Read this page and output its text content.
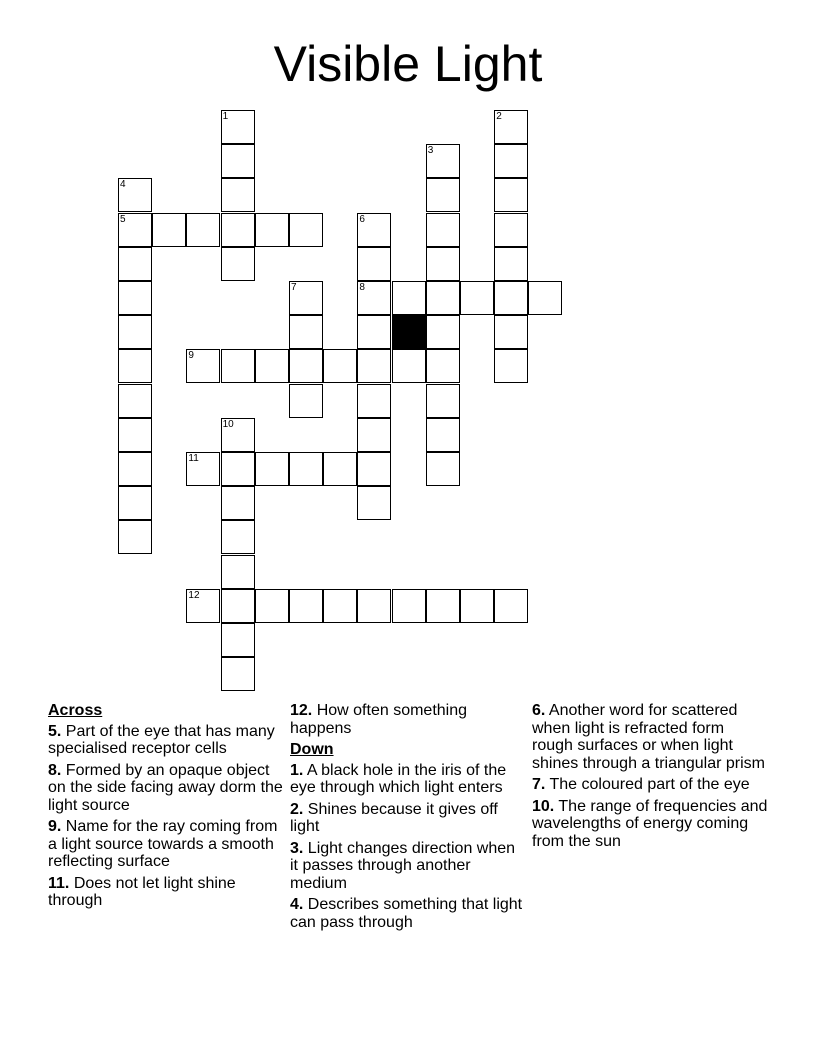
Visible Light
1	2
3
4
5	6
7	8
9
10
11
12
Across
5. Part of the eye that has many specialised receptor cells
8. Formed by an opaque object on the side facing away dorm the light source
9. Name for the ray coming from a light source towards a smooth reflecting surface
11. Does not let light shine through
12. How often something happens
Down
1. A black hole in the iris of the eye through which light enters
2. Shines because it gives off light
3. Light changes direction when it passes through another medium
4. Describes something that light can pass through
6. Another word for scattered when light is refracted form rough surfaces or when light shines through a triangular prism
7. The coloured part of the eye
10. The range of frequencies and wavelengths of energy coming from the sun
